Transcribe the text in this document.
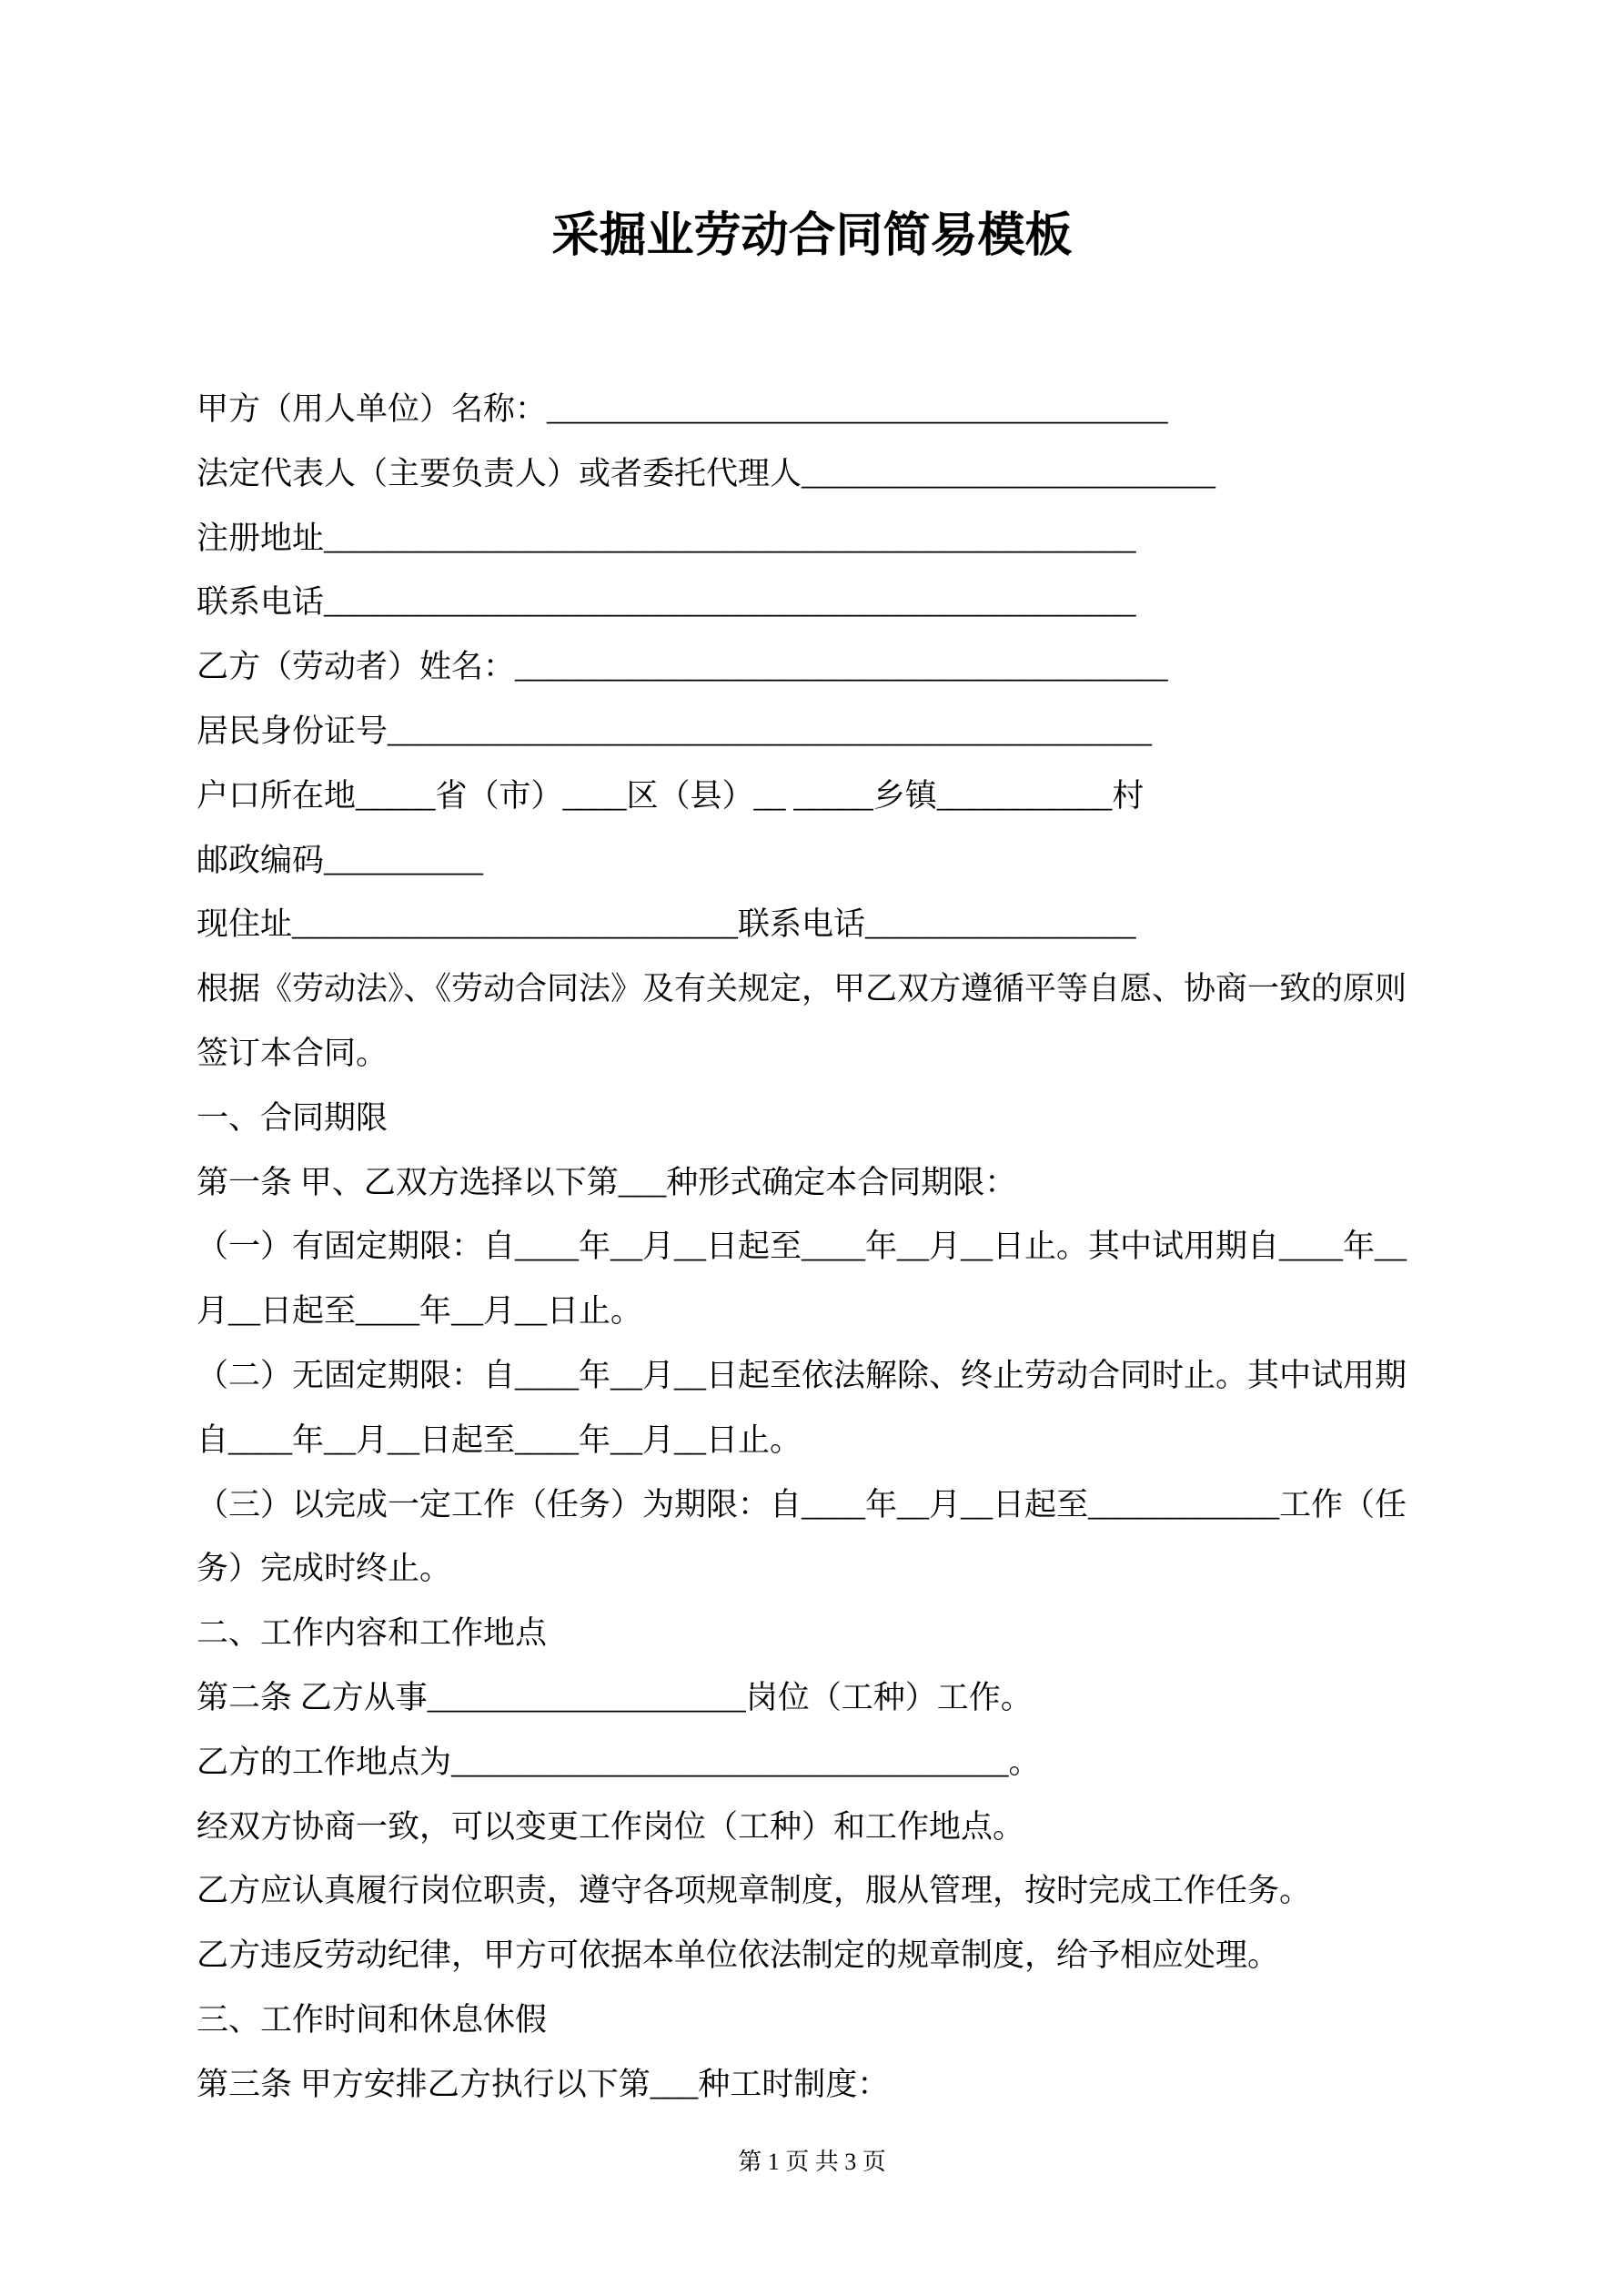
采掘业劳动合同简易模板
甲方（用人单位）名称：_______________________________________
法定代表人（主要负责人）或者委托代理人__________________________
注册地址___________________________________________________
联系电话___________________________________________________
乙方（劳动者）姓名：_________________________________________
居民身份证号________________________________________________
户口所在地_____省（市）____区（县）__ _____乡镇___________村
邮政编码__________
现住址____________________________联系电话_________________
根据《劳动法》、《劳动合同法》及有关规定，甲乙双方遵循平等自愿、协商一致的原则
签订本合同。
一、合同期限
第一条 甲、乙双方选择以下第___种形式确定本合同期限：
（一）有固定期限：自____年__月__日起至____年__月__日止。其中试用期自____年__
月__日起至____年__月__日止。
（二）无固定期限：自____年__月__日起至依法解除、终止劳动合同时止。其中试用期
自____年__月__日起至____年__月__日止。
（三）以完成一定工作（任务）为期限：自____年__月__日起至____________工作（任
务）完成时终止。
二、工作内容和工作地点
第二条 乙方从事____________________岗位（工种）工作。
乙方的工作地点为___________________________________。
经双方协商一致，可以变更工作岗位（工种）和工作地点。
乙方应认真履行岗位职责，遵守各项规章制度，服从管理，按时完成工作任务。
乙方违反劳动纪律，甲方可依据本单位依法制定的规章制度，给予相应处理。
三、工作时间和休息休假
第三条 甲方安排乙方执行以下第___种工时制度：
第 1 页 共 3 页
